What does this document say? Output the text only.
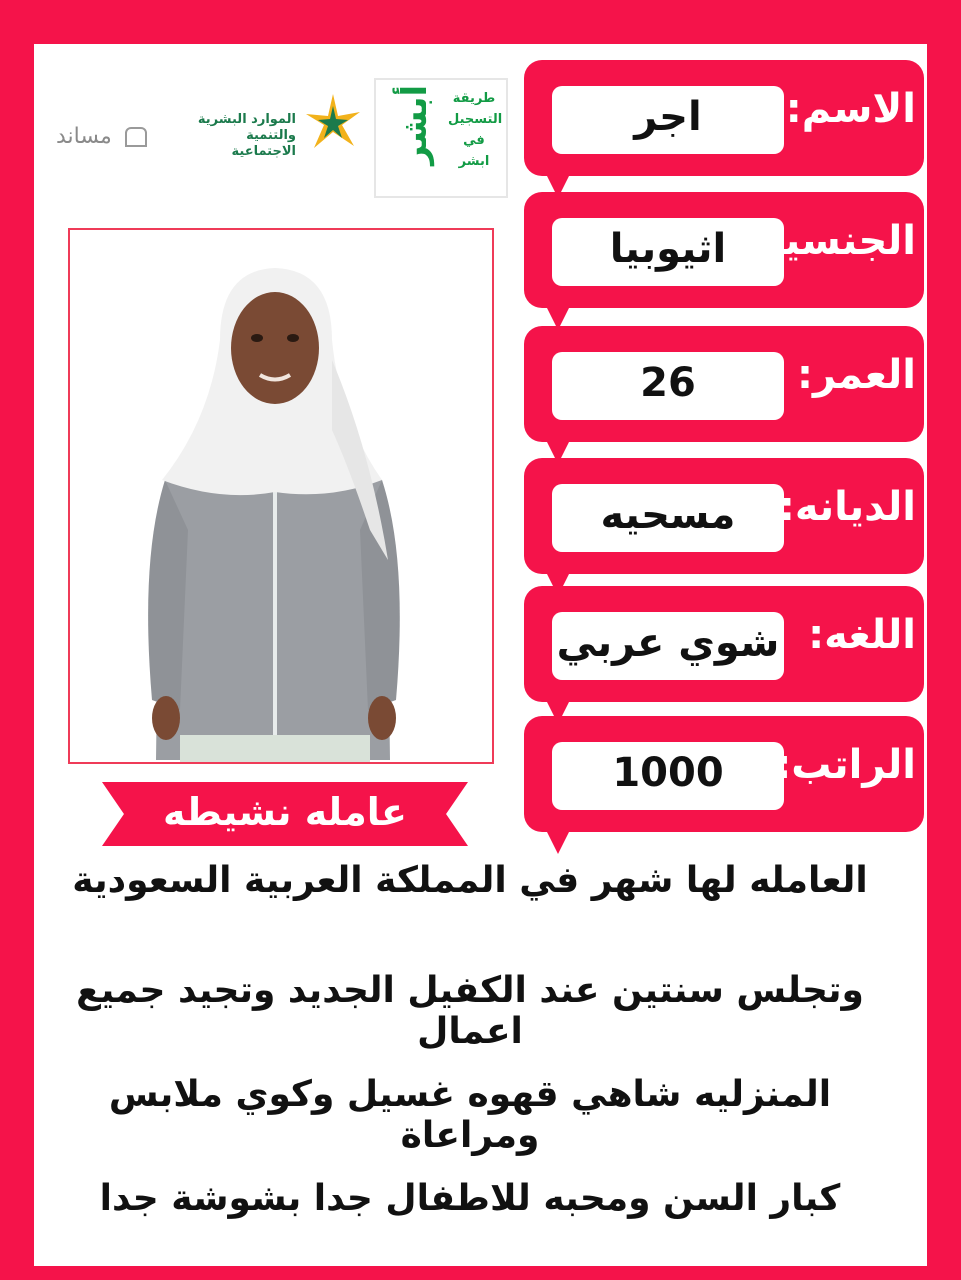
أبشر	طريقة التسجيل في ابشر
الموارد البشرية والتنمية الاجتماعية
مساند
عامله نشيطه
اجر	الاسم:
اثيوبيا الجنسيه:
26	العمر:
مسحيه	الديانه:
شوي عربي اللغه:
1000	الراتب:
العامله لها شهر في المملكة العربية السعودية
وتجلس سنتين عند الكفيل الجديد وتجيد جميع اعمال
المنزليه شاهي قهوه غسيل وكوي ملابس ومراعاة
كبار السن ومحبه للاطفال جدا بشوشة جدا
